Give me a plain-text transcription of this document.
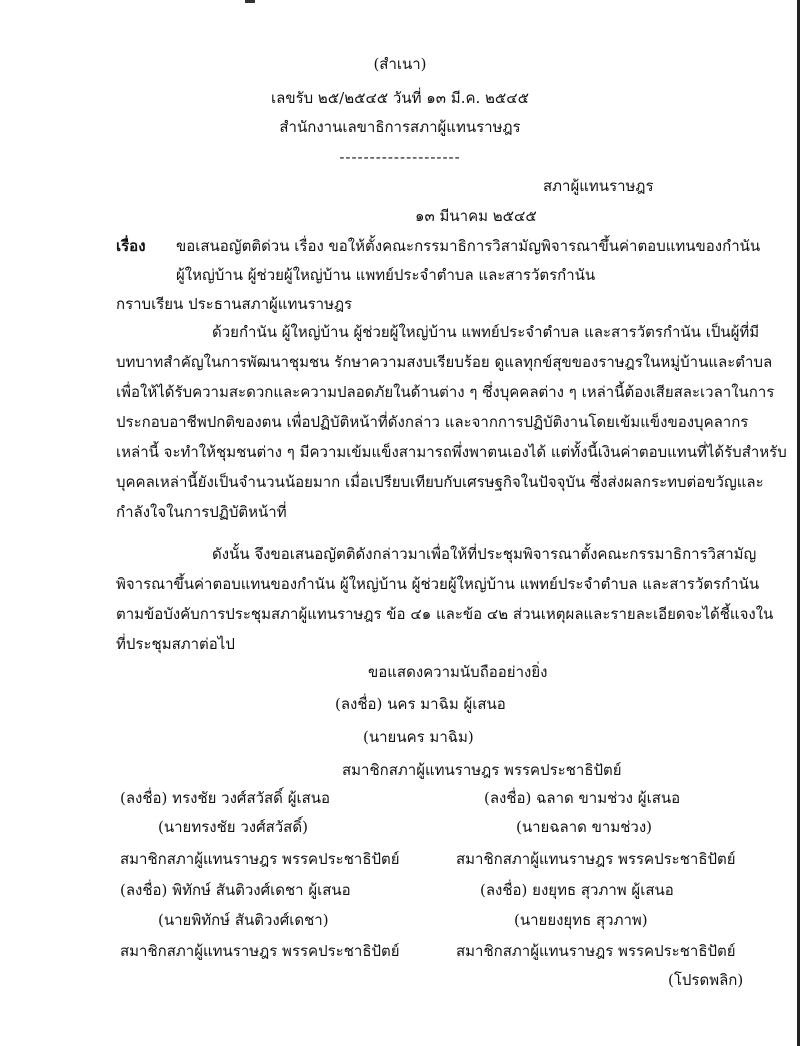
(สำเนา)
เลขรับ ๒๕/๒๕๔๕ วันที่ ๑๓ มี.ค. ๒๕๔๕
สำนักงานเลขาธิการสภาผู้แทนราษฎร
--------------------
สภาผู้แทนราษฎร
๑๓ มีนาคม ๒๕๔๕
เรื่อง ขอเสนอญัตติด่วน เรื่อง ขอให้ตั้งคณะกรรมาธิการวิสามัญพิจารณาขึ้นค่าตอบแทนของกำนัน
ผู้ใหญ่บ้าน ผู้ช่วยผู้ใหญ่บ้าน แพทย์ประจำตำบล และสารวัตรกำนัน
กราบเรียน ประธานสภาผู้แทนราษฎร
ด้วยกำนัน ผู้ใหญ่บ้าน ผู้ช่วยผู้ใหญ่บ้าน แพทย์ประจำตำบล และสารวัตรกำนัน เป็นผู้ที่มี
บทบาทสำคัญในการพัฒนาชุมชน รักษาความสงบเรียบร้อย ดูแลทุกข์สุขของราษฎรในหมู่บ้านและตำบล
เพื่อให้ได้รับความสะดวกและความปลอดภัยในด้านต่าง ๆ ซึ่งบุคคลต่าง ๆ เหล่านี้ต้องเสียสละเวลาในการ
ประกอบอาชีพปกติของตน เพื่อปฏิบัติหน้าที่ดังกล่าว และจากการปฏิบัติงานโดยเข้มแข็งของบุคลากร
เหล่านี้ จะทำให้ชุมชนต่าง ๆ มีความเข้มแข็งสามารถพึ่งพาตนเองได้ แต่ทั้งนี้เงินค่าตอบแทนที่ได้รับสำหรับ
บุคคลเหล่านี้ยังเป็นจำนวนน้อยมาก เมื่อเปรียบเทียบกับเศรษฐกิจในปัจจุบัน ซึ่งส่งผลกระทบต่อขวัญและ
กำลังใจในการปฏิบัติหน้าที่
ดังนั้น จึงขอเสนอญัตติดังกล่าวมาเพื่อให้ที่ประชุมพิจารณาตั้งคณะกรรมาธิการวิสามัญ
พิจารณาขึ้นค่าตอบแทนของกำนัน ผู้ใหญ่บ้าน ผู้ช่วยผู้ใหญ่บ้าน แพทย์ประจำตำบล และสารวัตรกำนัน
ตามข้อบังคับการประชุมสภาผู้แทนราษฎร ข้อ ๔๑ และข้อ ๔๒ ส่วนเหตุผลและรายละเอียดจะได้ชี้แจงใน
ที่ประชุมสภาต่อไป
ขอแสดงความนับถืออย่างยิ่ง
(ลงชื่อ) นคร มาฉิม ผู้เสนอ
(นายนคร มาฉิม)
สมาชิกสภาผู้แทนราษฎร พรรคประชาธิปัตย์
(ลงชื่อ) ทรงชัย วงศ์สวัสดิ์ ผู้เสนอ
(นายทรงชัย วงศ์สวัสดิ์)
สมาชิกสภาผู้แทนราษฎร พรรคประชาธิปัตย์
(ลงชื่อ) ฉลาด ขามช่วง ผู้เสนอ
(นายฉลาด ขามช่วง)
สมาชิกสภาผู้แทนราษฎร พรรคประชาธิปัตย์
(ลงชื่อ) พิทักษ์ สันติวงศ์เดชา ผู้เสนอ
(นายพิทักษ์ สันติวงศ์เดชา)
สมาชิกสภาผู้แทนราษฎร พรรคประชาธิปัตย์
(ลงชื่อ) ยงยุทธ สุวภาพ ผู้เสนอ
(นายยงยุทธ สุวภาพ)
สมาชิกสภาผู้แทนราษฎร พรรคประชาธิปัตย์
(โปรดพลิก)
